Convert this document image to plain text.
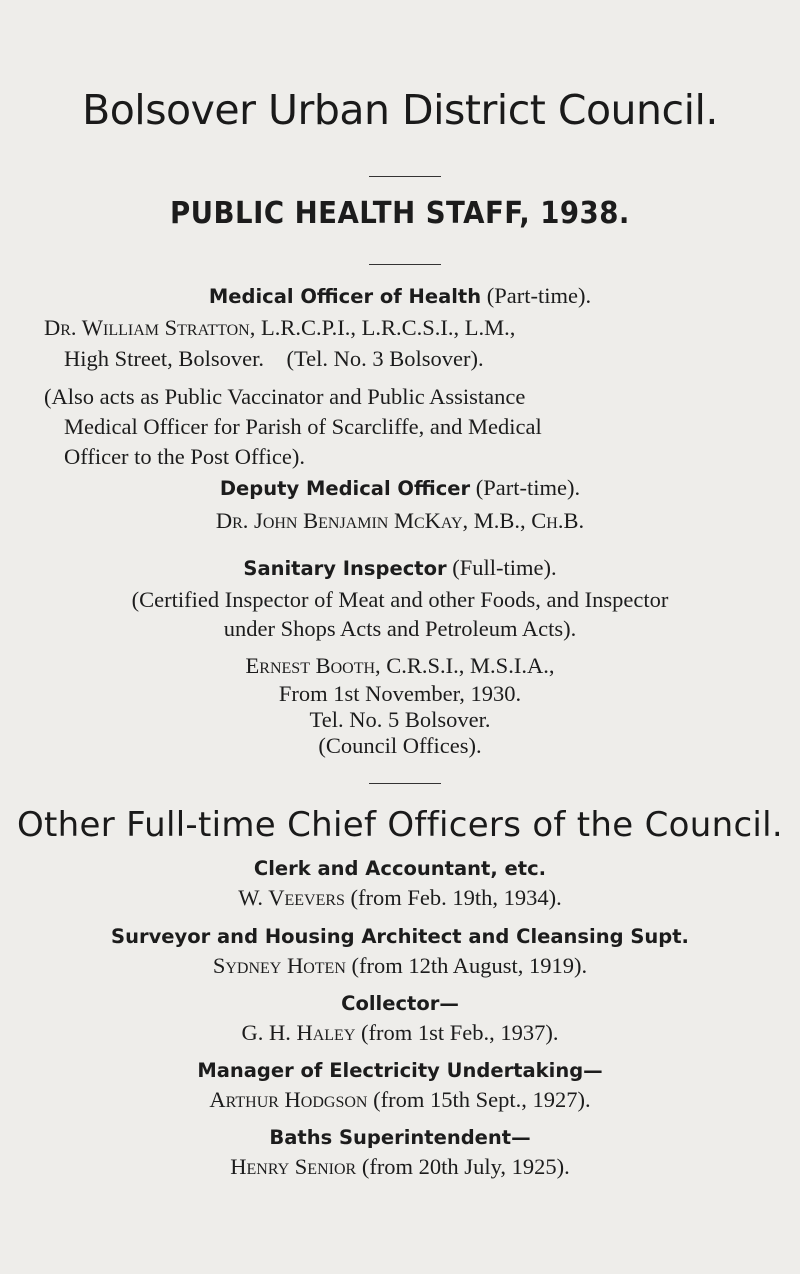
Bolsover Urban District Council.
PUBLIC HEALTH STAFF, 1938.
Medical Officer of Health (Part-time).
Dr. William Stratton, L.R.C.P.I., L.R.C.S.I., L.M.,
High Street, Bolsover.    (Tel. No. 3 Bolsover).
(Also acts as Public Vaccinator and Public Assistance
Medical Officer for Parish of Scarcliffe, and Medical
Officer to the Post Office).
Deputy Medical Officer (Part-time).
Dr. John Benjamin McKay, M.B., Ch.B.
Sanitary Inspector (Full-time).
(Certified Inspector of Meat and other Foods, and Inspector
under Shops Acts and Petroleum Acts).
Ernest Booth, C.R.S.I., M.S.I.A.,
From 1st November, 1930.
Tel. No. 5 Bolsover.
(Council Offices).
Other Full-time Chief Officers of the Council.
Clerk and Accountant, etc.
W. Veevers (from Feb. 19th, 1934).
Surveyor and Housing Architect and Cleansing Supt.
Sydney Hoten (from 12th August, 1919).
Collector—
G. H. Haley (from 1st Feb., 1937).
Manager of Electricity Undertaking—
Arthur Hodgson (from 15th Sept., 1927).
Baths Superintendent—
Henry Senior (from 20th July, 1925).
